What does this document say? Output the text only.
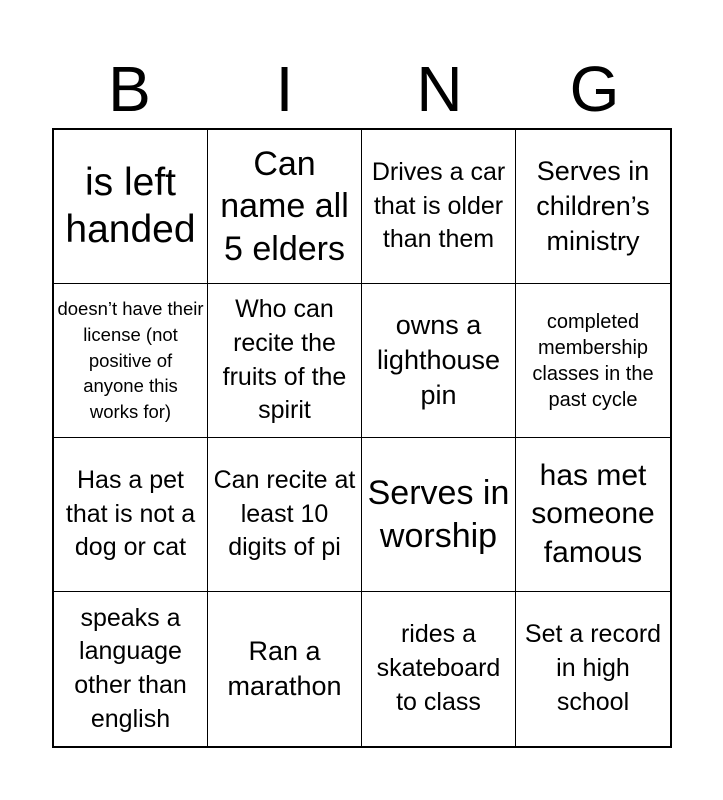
B	I	N	G
is left handed
Can name all 5 elders
Drives a car that is older than them
Serves in children’s ministry
doesn’t have their license (not positive of anyone this works for)
Who can recite the fruits of the spirit
owns a lighthouse pin
completed membership classes in the past cycle
Has a pet that is not a dog or cat
Can recite at least 10 digits of pi
Serves in worship
has met someone famous
speaks a language other than english
Ran a marathon
rides a skateboard to class
Set a record in high school
